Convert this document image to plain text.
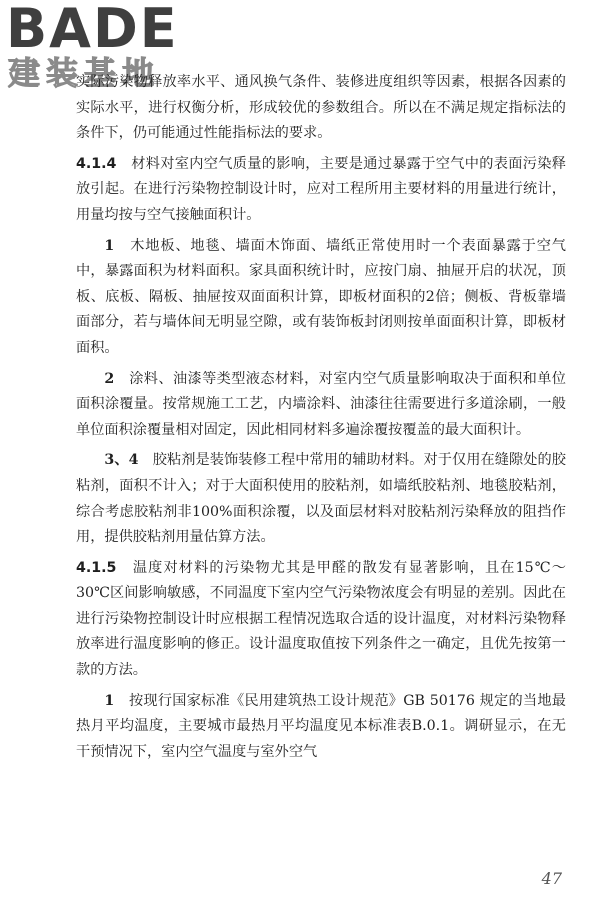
BADE
建装基地

实际污染物释放率水平、通风换气条件、装修进度组织等因素，根据各因素的实际水平，进行权衡分析，形成较优的参数组合。所以在不满足规定指标法的条件下，仍可能通过性能指标法的要求。

4.1.4　 材料对室内空气质量的影响，主要是通过暴露于空气中的表面污染释放引起。在进行污染物控制设计时，应对工程所用主要材料的用量进行统计，用量均按与空气接触面积计。

1　 木地板、地毯、墙面木饰面、墙纸正常使用时一个表面暴露于空气中，暴露面积为材料面积。家具面积统计时，应按门扇、抽屉开启的状况，顶板、底板、隔板、抽屉按双面面积计算，即板材面积的2倍；侧板、背板靠墙面部分，若与墙体间无明显空隙，或有装饰板封闭则按单面面积计算，即板材面积。

2　 涂料、油漆等类型液态材料，对室内空气质量影响取决于面积和单位面积涂覆量。按常规施工工艺，内墙涂料、油漆往往需要进行多道涂刷，一般单位面积涂覆量相对固定，因此相同材料多遍涂覆按覆盖的最大面积计。

3、4　 胶粘剂是装饰装修工程中常用的辅助材料。对于仅用在缝隙处的胶粘剂，面积不计入；对于大面积使用的胶粘剂，如墙纸胶粘剂、地毯胶粘剂，综合考虑胶粘剂非100%面积涂覆，以及面层材料对胶粘剂污染释放的阻挡作用，提供胶粘剂用量估算方法。

4.1.5　 温度对材料的污染物尤其是甲醛的散发有显著影响，且在15℃～30℃区间影响敏感，不同温度下室内空气污染物浓度会有明显的差别。因此在进行污染物控制设计时应根据工程情况选取合适的设计温度，对材料污染物释放率进行温度影响的修正。设计温度取值按下列条件之一确定，且优先按第一款的方法。

1　 按现行国家标准《民用建筑热工设计规范》GB 50176 规定的当地最热月平均温度，主要城市最热月平均温度见本标准表B.0.1。调研显示，在无干预情况下，室内空气温度与室外空气

47
